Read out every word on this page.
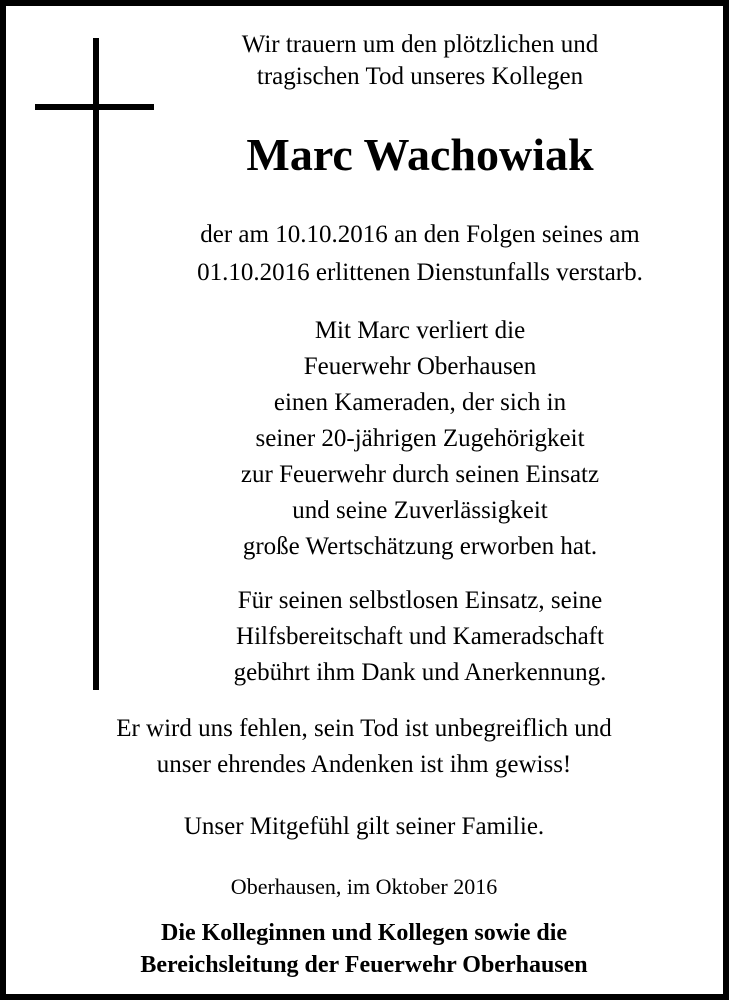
Wir trauern um den plötzlichen und
tragischen Tod unseres Kollegen
Marc Wachowiak
der am 10.10.2016 an den Folgen seines am
01.10.2016 erlittenen Dienstunfalls verstarb.
Mit Marc verliert die
Feuerwehr Oberhausen
einen Kameraden, der sich in
seiner 20-jährigen Zugehörigkeit
zur Feuerwehr durch seinen Einsatz
und seine Zuverlässigkeit
große Wertschätzung erworben hat.
Für seinen selbstlosen Einsatz, seine
Hilfsbereitschaft und Kameradschaft
gebührt ihm Dank und Anerkennung.
Er wird uns fehlen, sein Tod ist unbegreiflich und
unser ehrendes Andenken ist ihm gewiss!
Unser Mitgefühl gilt seiner Familie.
Oberhausen, im Oktober 2016
Die Kolleginnen und Kollegen sowie die
Bereichsleitung der Feuerwehr Oberhausen
